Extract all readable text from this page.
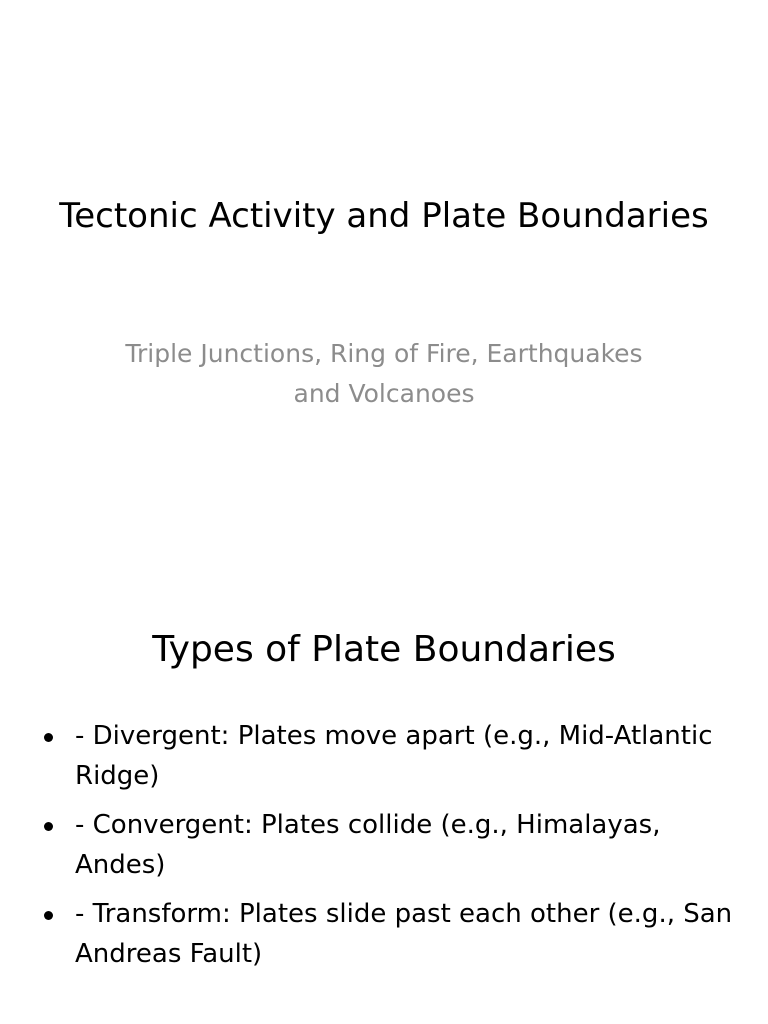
Tectonic Activity and Plate Boundaries

Triple Junctions, Ring of Fire, Earthquakes and Volcanoes

Types of Plate Boundaries
- Divergent: Plates move apart (e.g., Mid-Atlantic Ridge)
- Convergent: Plates collide (e.g., Himalayas, Andes)
- Transform: Plates slide past each other (e.g., San Andreas Fault)
